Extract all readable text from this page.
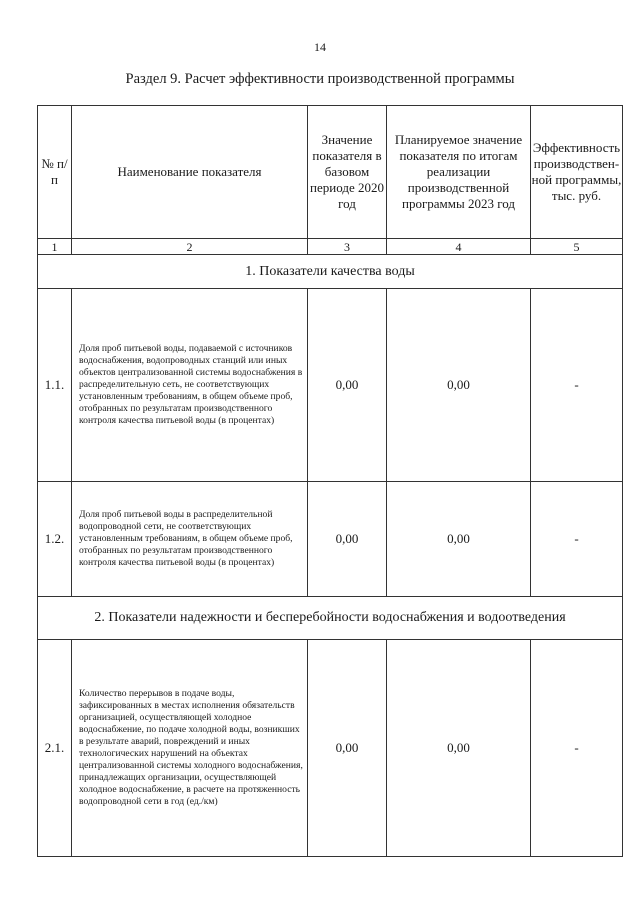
14
Раздел 9. Расчет эффективности производственной программы
№ п/п	Наименование показателя	Значение показателя в базовом периоде 2020 год	Планируемое значение показателя по итогам реализации производственной программы 2023 год	Эффективность производствен-ной программы, тыс. руб.
1	2	3	4	5
1. Показатели качества воды				
1.1.	Доля проб питьевой воды, подаваемой с источников водоснабжения, водопроводных станций или иных объектов централизованной системы водоснабжения в распределительную сеть, не соответствующих установленным требованиям, в общем объеме проб, отобранных по результатам производственного контроля качества питьевой воды (в процентах)	0,00	0,00	-
1.2.	Доля проб питьевой воды в распределительной водопроводной сети, не соответствующих установленным требованиям, в общем объеме проб, отобранных по результатам производственного контроля качества питьевой воды (в процентах)	0,00	0,00	-
2. Показатели надежности и бесперебойности водоснабжения и водоотведения				
2.1.	Количество перерывов в подаче воды, зафиксированных в местах исполнения обязательств организацией, осуществляющей холодное водоснабжение, по подаче холодной воды, возникших в результате аварий, повреждений и иных технологических нарушений на объектах централизованной системы холодного водоснабжения, принадлежащих организации, осуществляющей холодное водоснабжение, в расчете на протяженность водопроводной сети в год (ед./км)	0,00	0,00	-
